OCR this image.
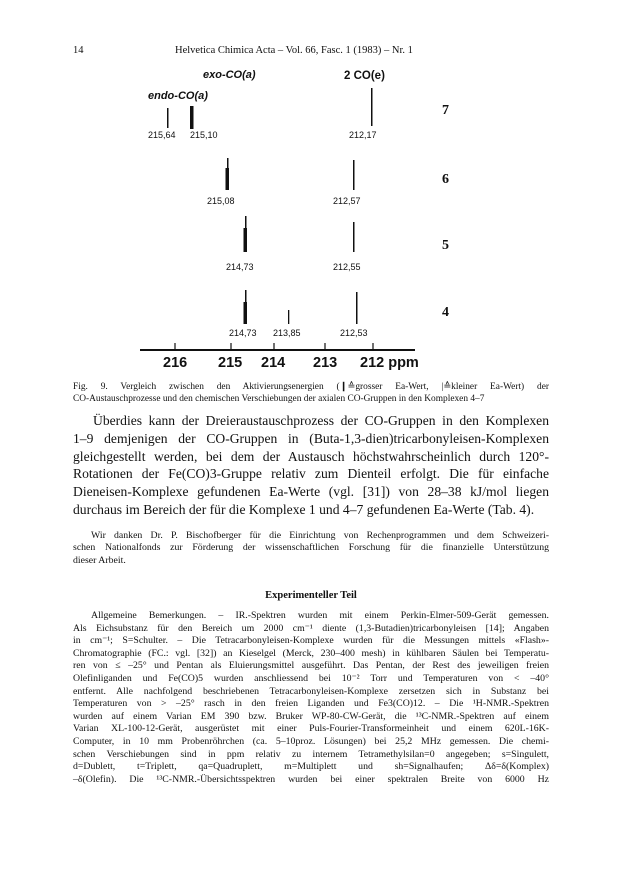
14	Helvetica Chimica Acta – Vol. 66, Fasc. 1 (1983) – Nr. 1
exo-CO(a)
endo-CO(a)
2 CO(e)
215,64 215,10	212,17
215,08	212,57
214,73	212,55
214,73 213,85	212,53
7
6
5
4
216 215 214 213 212 ppm
Fig. 9. Vergleich zwischen den Aktivierungsenergien (❙≙grosser Ea-Wert, |≙kleiner Ea-Wert) der
CO-Austauschprozesse und den chemischen Verschiebungen der axialen CO-Gruppen in den Komplexen 4–7
Überdies kann der Dreieraustauschprozess der CO-Gruppen in den Komplexen
1–9 demjenigen der CO-Gruppen in (Buta-1,3-dien)tricarbonyleisen-Komplexen
gleichgestellt werden, bei dem der Austausch höchstwahrscheinlich durch 120°-
Rotationen der Fe(CO)3-Gruppe relativ zum Dienteil erfolgt. Die für einfache
Dieneisen-Komplexe gefundenen Ea-Werte (vgl. [31]) von 28–38 kJ/mol liegen
durchaus im Bereich der für die Komplexe 1 und 4–7 gefundenen Ea-Werte (Tab. 4).
Wir danken Dr. P. Bischofberger für die Einrichtung von Rechenprogrammen und dem Schweizeri-
schen Nationalfonds zur Förderung der wissenschaftlichen Forschung für die finanzielle Unterstützung
dieser Arbeit.
Experimenteller Teil
Allgemeine Bemerkungen. – IR.-Spektren wurden mit einem Perkin-Elmer-509-Gerät gemessen.
Als Eichsubstanz für den Bereich um 2000 cm⁻¹ diente (1,3-Butadien)tricarbonyleisen [14]; Angaben
in cm⁻¹; S=Schulter. – Die Tetracarbonyleisen-Komplexe wurden für die Messungen mittels «Flash»-
Chromatographie (FC.: vgl. [32]) an Kieselgel (Merck, 230–400 mesh) in kühlbaren Säulen bei Temperatu-
ren von ≤ –25° und Pentan als Eluierungsmittel ausgeführt. Das Pentan, der Rest des jeweiligen freien
Olefinliganden und Fe(CO)5 wurden anschliessend bei 10⁻² Torr und Temperaturen von < –40°
entfernt. Alle nachfolgend beschriebenen Tetracarbonyleisen-Komplexe zersetzen sich in Substanz bei
Temperaturen von > –25° rasch in den freien Liganden und Fe3(CO)12. – Die ¹H-NMR.-Spektren
wurden auf einem Varian EM 390 bzw. Bruker WP-80-CW-Gerät, die ¹³C-NMR.-Spektren auf einem
Varian XL-100-12-Gerät, ausgerüstet mit einer Puls-Fourier-Transformeinheit und einem 620L-16K-
Computer, in 10 mm Probenröhrchen (ca. 5–10proz. Lösungen) bei 25,2 MHz gemessen. Die chemi-
schen Verschiebungen sind in ppm relativ zu internem Tetramethylsilan=0 angegeben; s=Singulett,
d=Dublett, t=Triplett, qa=Quadruplett, m=Multiplett und sh=Signalhaufen; Δδ=δ(Komplex)
–δ(Olefin). Die ¹³C-NMR.-Übersichtsspektren wurden bei einer spektralen Breite von 6000 Hz
